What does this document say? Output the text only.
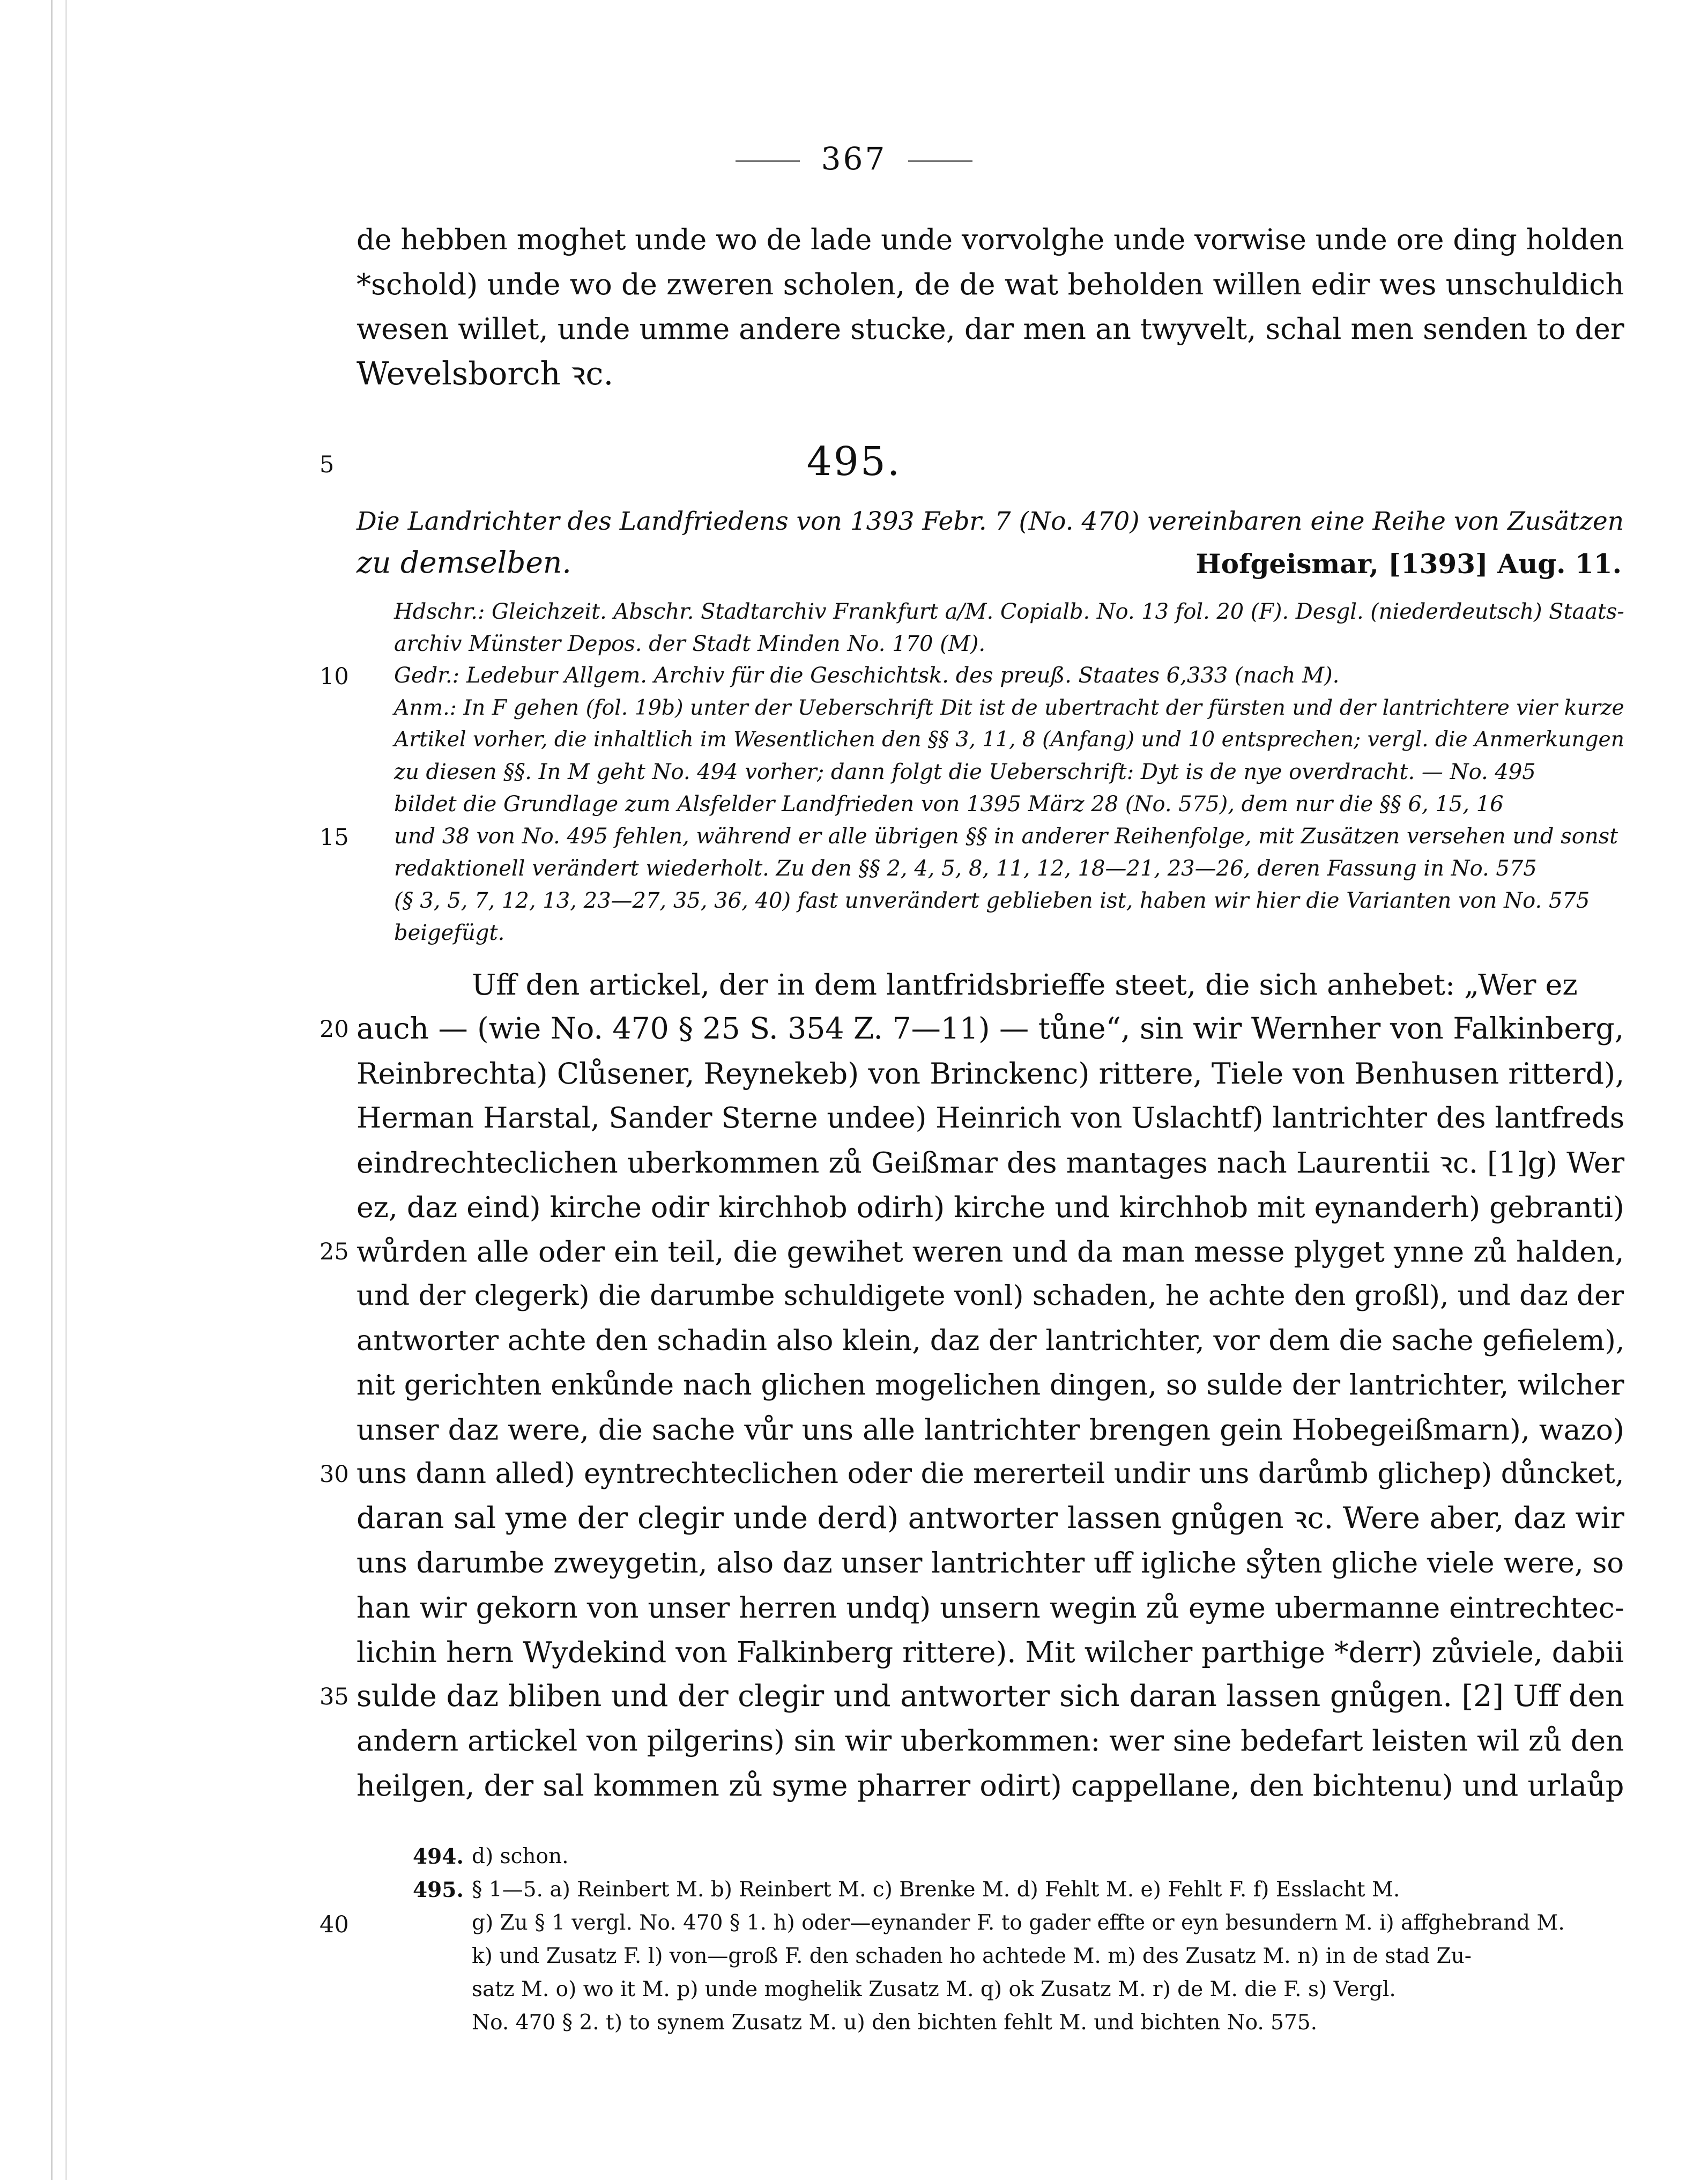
367
de hebben moghet unde wo de lade unde vorvolghe unde vorwise unde ore ding holden
*schold) unde wo de zweren scholen, de de wat beholden willen edir wes unschuldich
wesen willet, unde umme andere stucke, dar men an twyvelt, schal men senden to der
Wevelsborch ꝛc.
5	495.
Die Landrichter des Landfriedens von 1393 Febr. 7 (No. 470) vereinbaren eine Reihe von Zusätzen
zu demselben.	Hofgeismar, [1393] Aug. 11.
Hdschr.: Gleichzeit. Abschr. Stadtarchiv Frankfurt a/M. Copialb. No. 13 fol. 20 (F). Desgl. (niederdeutsch) Staats-
archiv Münster Depos. der Stadt Minden No. 170 (M).
10 Gedr.: Ledebur Allgem. Archiv für die Geschichtsk. des preuß. Staates 6,333 (nach M).
Anm.: In F gehen (fol. 19b) unter der Ueberschrift Dit ist de ubertracht der fürsten und der lantrichtere vier kurze
Artikel vorher, die inhaltlich im Wesentlichen den §§ 3, 11, 8 (Anfang) und 10 entsprechen; vergl. die Anmerkungen
zu diesen §§. In M geht No. 494 vorher; dann folgt die Ueberschrift: Dyt is de nye overdracht. — No. 495
bildet die Grundlage zum Alsfelder Landfrieden von 1395 März 28 (No. 575), dem nur die §§ 6, 15, 16
15 und 38 von No. 495 fehlen, während er alle übrigen §§ in anderer Reihenfolge, mit Zusätzen versehen und sonst
redaktionell verändert wiederholt. Zu den §§ 2, 4, 5, 8, 11, 12, 18—21, 23—26, deren Fassung in No. 575
(§ 3, 5, 7, 12, 13, 23—27, 35, 36, 40) fast unverändert geblieben ist, haben wir hier die Varianten von No. 575
beigefügt.
Uff den artickel, der in dem lantfridsbrieffe steet, die sich anhebet: „Wer ez
20 auch — (wie No. 470 § 25 S. 354 Z. 7—11) — tůne“, sin wir Wernher von Falkinberg,
Reinbrechta) Clůsener, Reynekeb) von Brinckenc) rittere, Tiele von Benhusen ritterd),
Herman Harstal, Sander Sterne undee) Heinrich von Uslachtf) lantrichter des lantfreds
eindrechteclichen uberkommen zů Geißmar des mantages nach Laurentii ꝛc. [1]g) Wer
ez, daz eind) kirche odir kirchhob odirh) kirche und kirchhob mit eynanderh) gebranti)
25 wůrden alle oder ein teil, die gewihet weren und da man messe plyget ynne zů halden,
und der clegerk) die darumbe schuldigete vonl) schaden, he achte den großl), und daz der
antworter achte den schadin also klein, daz der lantrichter, vor dem die sache gefielem),
nit gerichten enkůnde nach glichen mogelichen dingen, so sulde der lantrichter, wilcher
unser daz were, die sache vůr uns alle lantrichter brengen gein Hobegeißmarn), wazo)
30 uns dann alled) eyntrechteclichen oder die mererteil undir uns darůmb glichep) důncket,
daran sal yme der clegir unde derd) antworter lassen gnůgen ꝛc. Were aber, daz wir
uns darumbe zweygetin, also daz unser lantrichter uff igliche sẙten gliche viele were, so
han wir gekorn von unser herren undq) unsern wegin zů eyme ubermanne eintrechtec-
lichin hern Wydekind von Falkinberg rittere). Mit wilcher parthige *derr) zůviele, dabii
35 sulde daz bliben und der clegir und antworter sich daran lassen gnůgen. [2] Uff den
andern artickel von pilgerins) sin wir uberkommen: wer sine bedefart leisten wil zů den
heilgen, der sal kommen zů syme pharrer odirt) cappellane, den bichtenu) und urlaůp
494. d) schon.
495. § 1—5. a) Reinbert M. b) Reinbert M. c) Brenke M. d) Fehlt M. e) Fehlt F. f) Esslacht M.
40	g) Zu § 1 vergl. No. 470 § 1. h) oder—eynander F. to gader effte or eyn besundern M. i) affghebrand M.
k) und Zusatz F. l) von—groß F. den schaden ho achtede M. m) des Zusatz M. n) in de stad Zu-
satz M. o) wo it M. p) unde moghelik Zusatz M. q) ok Zusatz M. r) de M. die F. s) Vergl.
No. 470 § 2. t) to synem Zusatz M. u) den bichten fehlt M. und bichten No. 575.
